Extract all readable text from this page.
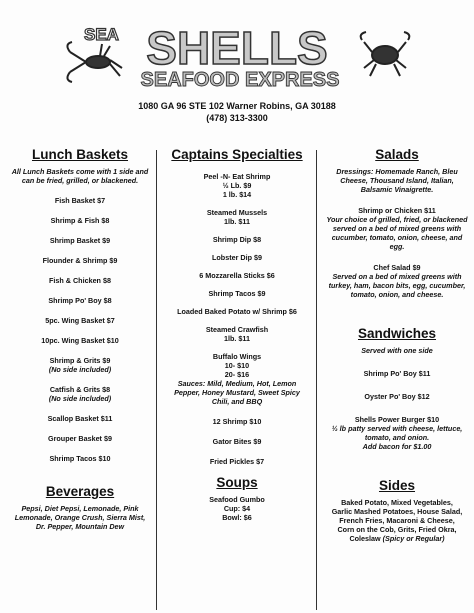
SEA SHELLS
SEAFOOD EXPRESS
1080 GA 96 STE 102 Warner Robins, GA 30188
(478) 313-3300
Lunch Baskets
All Lunch Baskets come with 1 side and
can be fried, grilled, or blackened.
Fish Basket $7
Shrimp & Fish $8
Shrimp Basket $9
Flounder & Shrimp $9
Fish & Chicken $8
Shrimp Po' Boy $8
5pc. Wing Basket $7
10pc. Wing Basket $10
Shrimp & Grits $9
(No side included)
Catfish & Grits $8
(No side included)
Scallop Basket $11
Grouper Basket $9
Shrimp Tacos $10
Beverages
Pepsi, Diet Pepsi, Lemonade, Pink
Lemonade, Orange Crush, Sierra Mist,
Dr. Pepper, Mountain Dew
Captains Specialties
Peel -N- Eat Shrimp
½ Lb. $9
1 lb. $14
Steamed Mussels
1lb. $11
Shrimp Dip $8
Lobster Dip $9
6 Mozzarella Sticks $6
Shrimp Tacos $9
Loaded Baked Potato w/ Shrimp $6
Steamed Crawfish
1lb. $11
Buffalo Wings
10- $10
20- $16
Sauces: Mild, Medium, Hot, Lemon
Pepper, Honey Mustard, Sweet Spicy
Chili, and BBQ
12 Shrimp $10
Gator Bites $9
Fried Pickles $7
Soups
Seafood Gumbo
Cup: $4
Bowl: $6
Salads
Dressings: Homemade Ranch, Bleu
Cheese, Thousand Island, Italian,
Balsamic Vinaigrette.
Shrimp or Chicken $11
Your choice of grilled, fried, or blackened
served on a bed of mixed greens with
cucumber, tomato, onion, cheese, and
egg.
Chef Salad $9
Served on a bed of mixed greens with
turkey, ham, bacon bits, egg, cucumber,
tomato, onion, and cheese.
Sandwiches
Served with one side
Shrimp Po' Boy $11
Oyster Po' Boy $12
Shells Power Burger $10
½ lb patty served with cheese, lettuce,
tomato, and onion.
Add bacon for $1.00
Sides
Baked Potato, Mixed Vegetables,
Garlic Mashed Potatoes, House Salad,
French Fries, Macaroni & Cheese,
Corn on the Cob, Grits, Fried Okra,
Coleslaw (Spicy or Regular)
